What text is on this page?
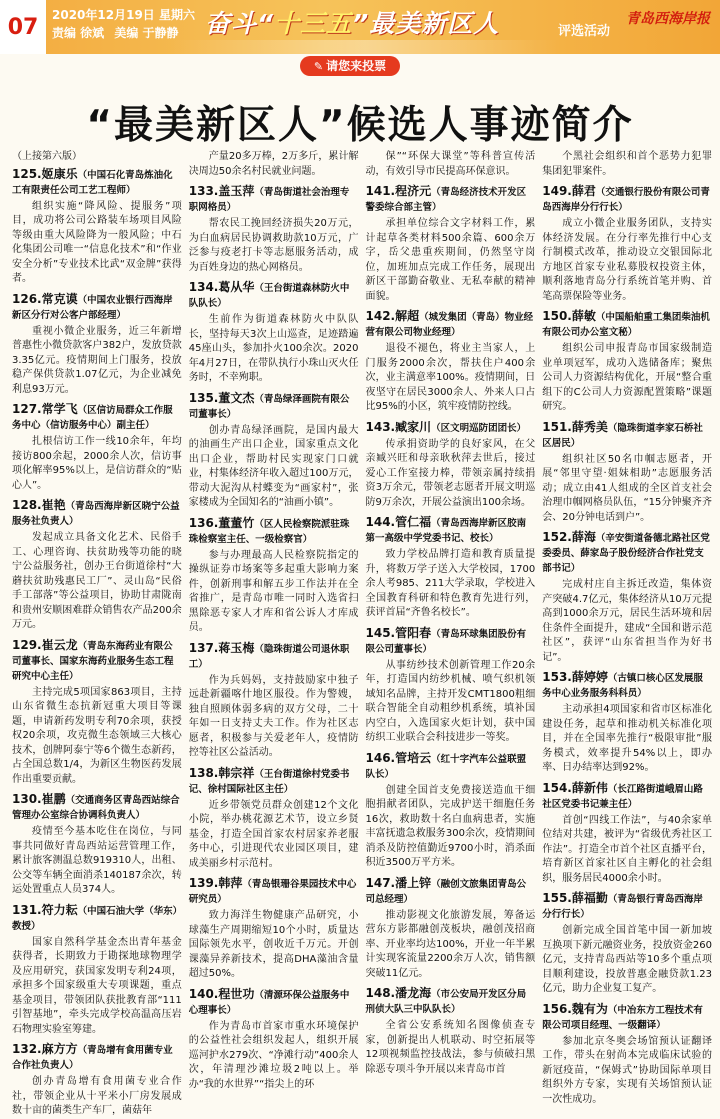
07	2020年12月19日 星期六
责编 徐斌 美编 于静静	奋斗“十三五”最美新区人	评选活动
青岛西海岸报
✎ 请您来投票
“最美新区人”候选人事迹简介
（上接第六版）
125.姬康乐（中国石化青岛炼油化工有限责任公司工艺工程师）
组织实施“降风险、提服务”项目，成功将公司公路装车场项目风险等级由重大风险降为一般风险；中石化集团公司唯一“信息化技术”和“作业安全分析”专业技术比武“双金牌”获得者。
126.常克谟（中国农业银行西海岸新区分行对公客户部经理）
重视小微企业服务，近三年新增普惠性小微贷款客户382户，发放贷款3.35亿元。疫情期间上门服务，投放稳产保供贷款1.07亿元，为企业减免利息93万元。
127.常学飞（区信访局群众工作服务中心（信访服务中心）副主任）
扎根信访工作一线10余年，年均接访800余起，2000余人次，信访事项化解率95%以上，是信访群众的“贴心人”。
128.崔艳（青岛西海岸新区晓宁公益服务社负责人）
发起成立具备文化艺术、民俗手工、心理咨询、扶贫助残等功能的晓宁公益服务社，创办王台街道徐村“大蘑扶贫助残惠民工厂”、灵山岛“民俗手工部落”等公益项目，协助甘肃陇南和贵州安顺困难群众销售农产品200余万元。
129.崔云龙（青岛东海药业有限公司董事长、国家东海药业服务生态工程研究中心主任）
主持完成5项国家863项目，主持山东省微生态抗新冠重大项目等课题，申请新药发明专利70余项，获授权20余项，攻克微生态领域三大核心技术，创牌阿泰宁等6个微生态新药，占全国总数1/4，为新区生物医药发展作出重要贡献。
130.崔鹏（交通商务区青岛西站综合管理办公室综合协调科负责人）
疫情至今基本吃住在岗位，与同事共同做好青岛西站运营管理工作，累计旅客测温总数919310人，出租、公交等车辆全面消杀140187余次，转运处置重点人员374人。
131.符力耘（中国石油大学（华东）教授）
国家自然科学基金杰出青年基金获得者，长期致力于勘探地球物理学及应用研究，获国家发明专利24项，承担多个国家级重大专项课题，重点基金项目，带领团队获批教育部“111引智基地”，牵头完成学校高温高压岩石物理实验室筹建。
132.麻方方（青岛增有食用菌专业合作社负责人）
创办青岛增有食用菌专业合作社，带领企业从十平米小厂房发展成数十亩的菌类生产车厂，菌菇年
产量20多万棒，2万多斤，累计解决周边50余名村民就业问题。
133.盖玉萍（青岛街道社会治理专职网格员）
帮农民工挽回经济损失20万元，为白血病居民协调救助款10万元，广泛参与疫老打卡等志愿服务活动，成为百姓身边的热心网格员。
134.葛从华（王台街道森林防火中队队长）
生前作为街道森林防火中队队长，坚持每天3次上山巡查，足迹踏遍45座山头，参加扑火100余次。2020年4月27日，在带队执行小珠山灭火任务时，不幸殉职。
135.董文杰（青岛绿泽画院有限公司董事长）
创办青岛绿泽画院，是国内最大的油画生产出口企业，国家重点文化出口企业，帮助村民实现家门口就业，村集体经济年收入超过100万元，带动大泥沟从村蝶变为“画家村”，张家楼成为全国知名的“油画小镇”。
136.董董竹（区人民检察院派驻珠珠检察室主任、一级检察官）
参与办理最高人民检察院指定的操纵证券市场案等多起重大影响力案件，创新刑事和解五步工作法并在全省推广，是青岛市唯一同时入选省扫黑除恶专家人才库和省公诉人才库成员。
137.蒋玉梅（隐珠街道公司退休职工）
作为兵妈妈，支持鼓励家中独子远赴新疆喀什地区服役。作为警嫂，独自照顾体弱多病的双方父母，二十年如一日支持丈夫工作。作为社区志愿者，积极参与关爱老年人，疫情防控等社区公益活动。
138.韩宗祥（王台街道徐村党委书记、徐村国际社区主任）
近乡带领党员群众创建12个文化小院，举办桃花源艺术节，设立乡贤基金，打造全国首家农村居家养老服务中心，引进现代农业园区项目，建成美丽乡村示范村。
139.韩萍（青岛银珊谷果园技术中心研究员）
致力海洋生物健康产品研究，小球藻生产周期缩短10个小时，质量达国际领先水平，创收近千万元。开创课藻异养新技术，提高DHA藻油含量超过50%。
140.程世功（清源环保公益服务中心理事长）
作为青岛市首家市重水环境保护的公益性社会组织发起人，组织开展巡河护水279次、“净滩行动”400余人次，年清理沙滩垃圾2吨以上。举办“我的水世界”“指尖上的环
保”“环保大课堂”等科普宣传活动，有效引导市民提高环保意识。
141.程济元（青岛经济技术开发区警委综合部主管）
承担单位综合文字材料工作，累计起草各类材料500余篇、600余万字，岳父患重疾期间，仍然坚守岗位，加班加点完成工作任务，展现出新区干部勤奋敬业、无私奉献的精神面貌。
142.解超（城发集团（青岛）物业经营有限公司物业经理）
退役不褪色，将业主当家人，上门服务2000余次，帮扶住户400余次，业主满意率100%。疫情期间，日夜坚守在居民3000余人、外来人口占比95%的小区，筑牢疫情防控线。
143.臧家川（区文明巡防团团长）
传承捐资助学的良好家风，在父亲臧兴旺和母亲耿秋萍去世后，接过爱心工作室接力棒，带领亲属持续捐资3万余元，带领老志愿者开展文明巡防9万余次，开展公益演出100余场。
144.管仁福（青岛西海岸新区胶南第一高级中学党委书记、校长）
致力学校品牌打造和教育质量提升，将数万学子送入大学校园，1700余人考985、211大学录取，学校进入全国教育科研和特色教育先进行列，获评首届“齐鲁名校长”。
145.管阳春（青岛环球集团股份有限公司董事长）
从事纺纱技术创新管理工作20余年，打造国内纺纱机械、喷气织机领域知名品牌，主持开发CMT1800粗细联合智能全自动粗纱机系统，填补国内空白，入选国家火炬计划，获中国纺织工业联合会科技进步一等奖。
146.管培云（红十字汽车公益联盟队长）
创建全国首支免费接送造血干细胞捐献者团队，完成护送干细胞任务16次，救助数十名白血病患者，实施丰富抚遗急救服务300余次，疫情期间消杀及防控值勤近9700小时，消杀面积近3500万平方米。
147.潘上锌（融创文旅集团青岛公司总经理）
推动影视文化旅游发展，筹备运营东方影都融创茂板块，融创茂招商率、开业率均达100%，开业一年半累计实现客流量2200余万人次，销售额突破11亿元。
148.潘龙海（市公安局开发区分局刑侦大队三中队队长）
全省公安系统知名图像侦查专家，创新提出人机联动、时空拓展等12项视频监控技战法，参与侦破扫黑除恶专项斗争开展以来青岛市首
个黑社会组织和首个恶势力犯罪集团犯罪案件。
149.薛君（交通银行股份有限公司青岛西海岸分行行长）
成立小微企业服务团队，支持实体经济发展。在分行率先推行中心支行制模式改革，推动设立交银国际北方地区首家专业私募股权投资主体，顺利落地青岛分行系统首笔并购、首笔高票保险等业务。
150.薛敏（中国船舶重工集团柴油机有限公司办公室文秘）
组织公司申报青岛市国家级制造业单项冠军，成功入选储备库；聚焦公司人力资源结构优化，开展“整合重组下的C公司人力资源配置策略”课题研究。
151.薛秀美（隐珠街道李家石桥社区居民）
组织社区50名巾帼志愿者，开展“邻里守望·姐妹相助”志愿服务活动；成立由41人组成的全区首支社会治理巾帼网格员队伍，“15分钟聚齐齐会、20分钟电话到户”。
152.薛海（辛安街道备德北路社区党委委员、薛家岛子股份经济合作社党支部书记）
完成村庄自主拆迁改造，集体资产突破4.7亿元，集体经济从10万元提高到1000余万元，居民生活环境和居住条件全面提升，建成“全国和谐示范社区”，获评“山东省担当作为好书记”。
153.薛婷婷（古镇口核心区发展服务中心业务服务科科员）
主动承担4项国家和省市区标准化建设任务，起草和推动机关标准化项目，并在全国率先推行“极限审批”服务模式，效率提升54%以上，即办率、日办结率达到92%。
154.薛新伟（长江路街道峨眉山路社区党委书记兼主任）
首创“四线工作法”，与40余家单位结对共建，被评为“省级优秀社区工作法”。打造全市首个社区直播平台，培育新区首家社区自主孵化的社会组织，服务居民4000余小时。
155.薛福勤（青岛银行青岛西海岸分行行长）
创新完成全国首笔中国一新加坡互换项下新元融资业务，投放资金260亿元，支持青岛西站等10多个重点项目顺利建设，投放普惠金融贷款1.23亿元，助力企业复工复产。
156.魏有为（中冶东方工程技术有限公司项目经理、一级翻译）
参加北京冬奥会场馆预认证翻译工作，带头在射尚本完成临床试验的新冠疫苗，“保姆式”协助国际单项目组织外方专家，实现有关场馆预认证一次性成功。
